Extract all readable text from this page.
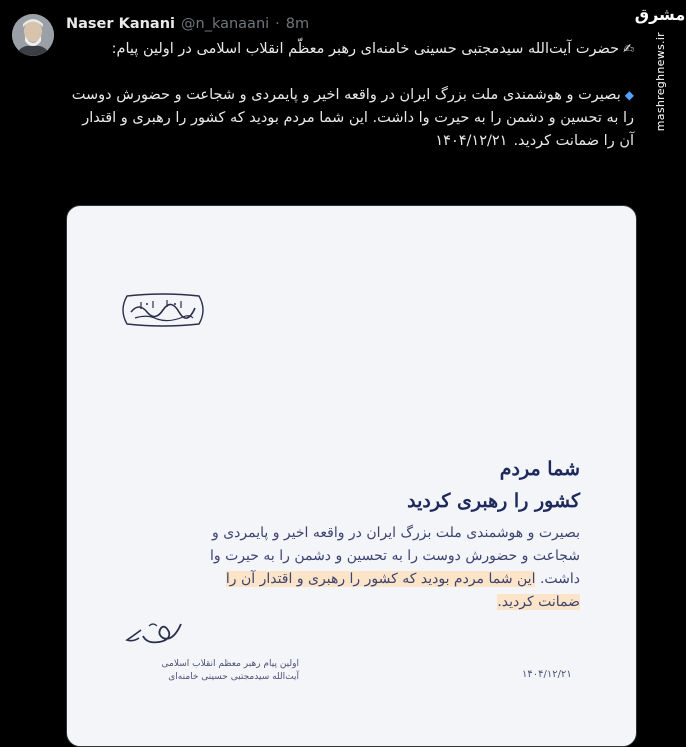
Naser Kanani @n_kanaani · 8m

✍حضرت آیت‌الله سیدمجتبی حسینی خامنه‌ای رهبر معظّم انقلاب اسلامی در اولین پیام:

◆بصیرت و هوشمندی ملت بزرگ ایران در واقعه اخیر و پایمردی و شجاعت و حضورش دوست را به تحسین و دشمن را به حیرت وا داشت. این شما مردم بودید که کشور را رهبری و اقتدار آن را ضمانت کردید.۱۴۰۴/۱۲/۲۱

مشرق
mashreghnews.ir
شما مردم
کشور را رهبری کردید
بصیرت و هوشمندی ملت بزرگ ایران در واقعه اخیر و پایمردی و شجاعت و حضورش دوست را به تحسین و دشمن را به حیرت وا داشت. این شما مردم بودید که کشور را رهبری و اقتدار آن را ضمانت کردید.
اولین پیام رهبر معظم انقلاب اسلامی
آیت‌الله سیدمجتبی حسینی خامنه‌ای	۱۴۰۴/۱۲/۲۱
